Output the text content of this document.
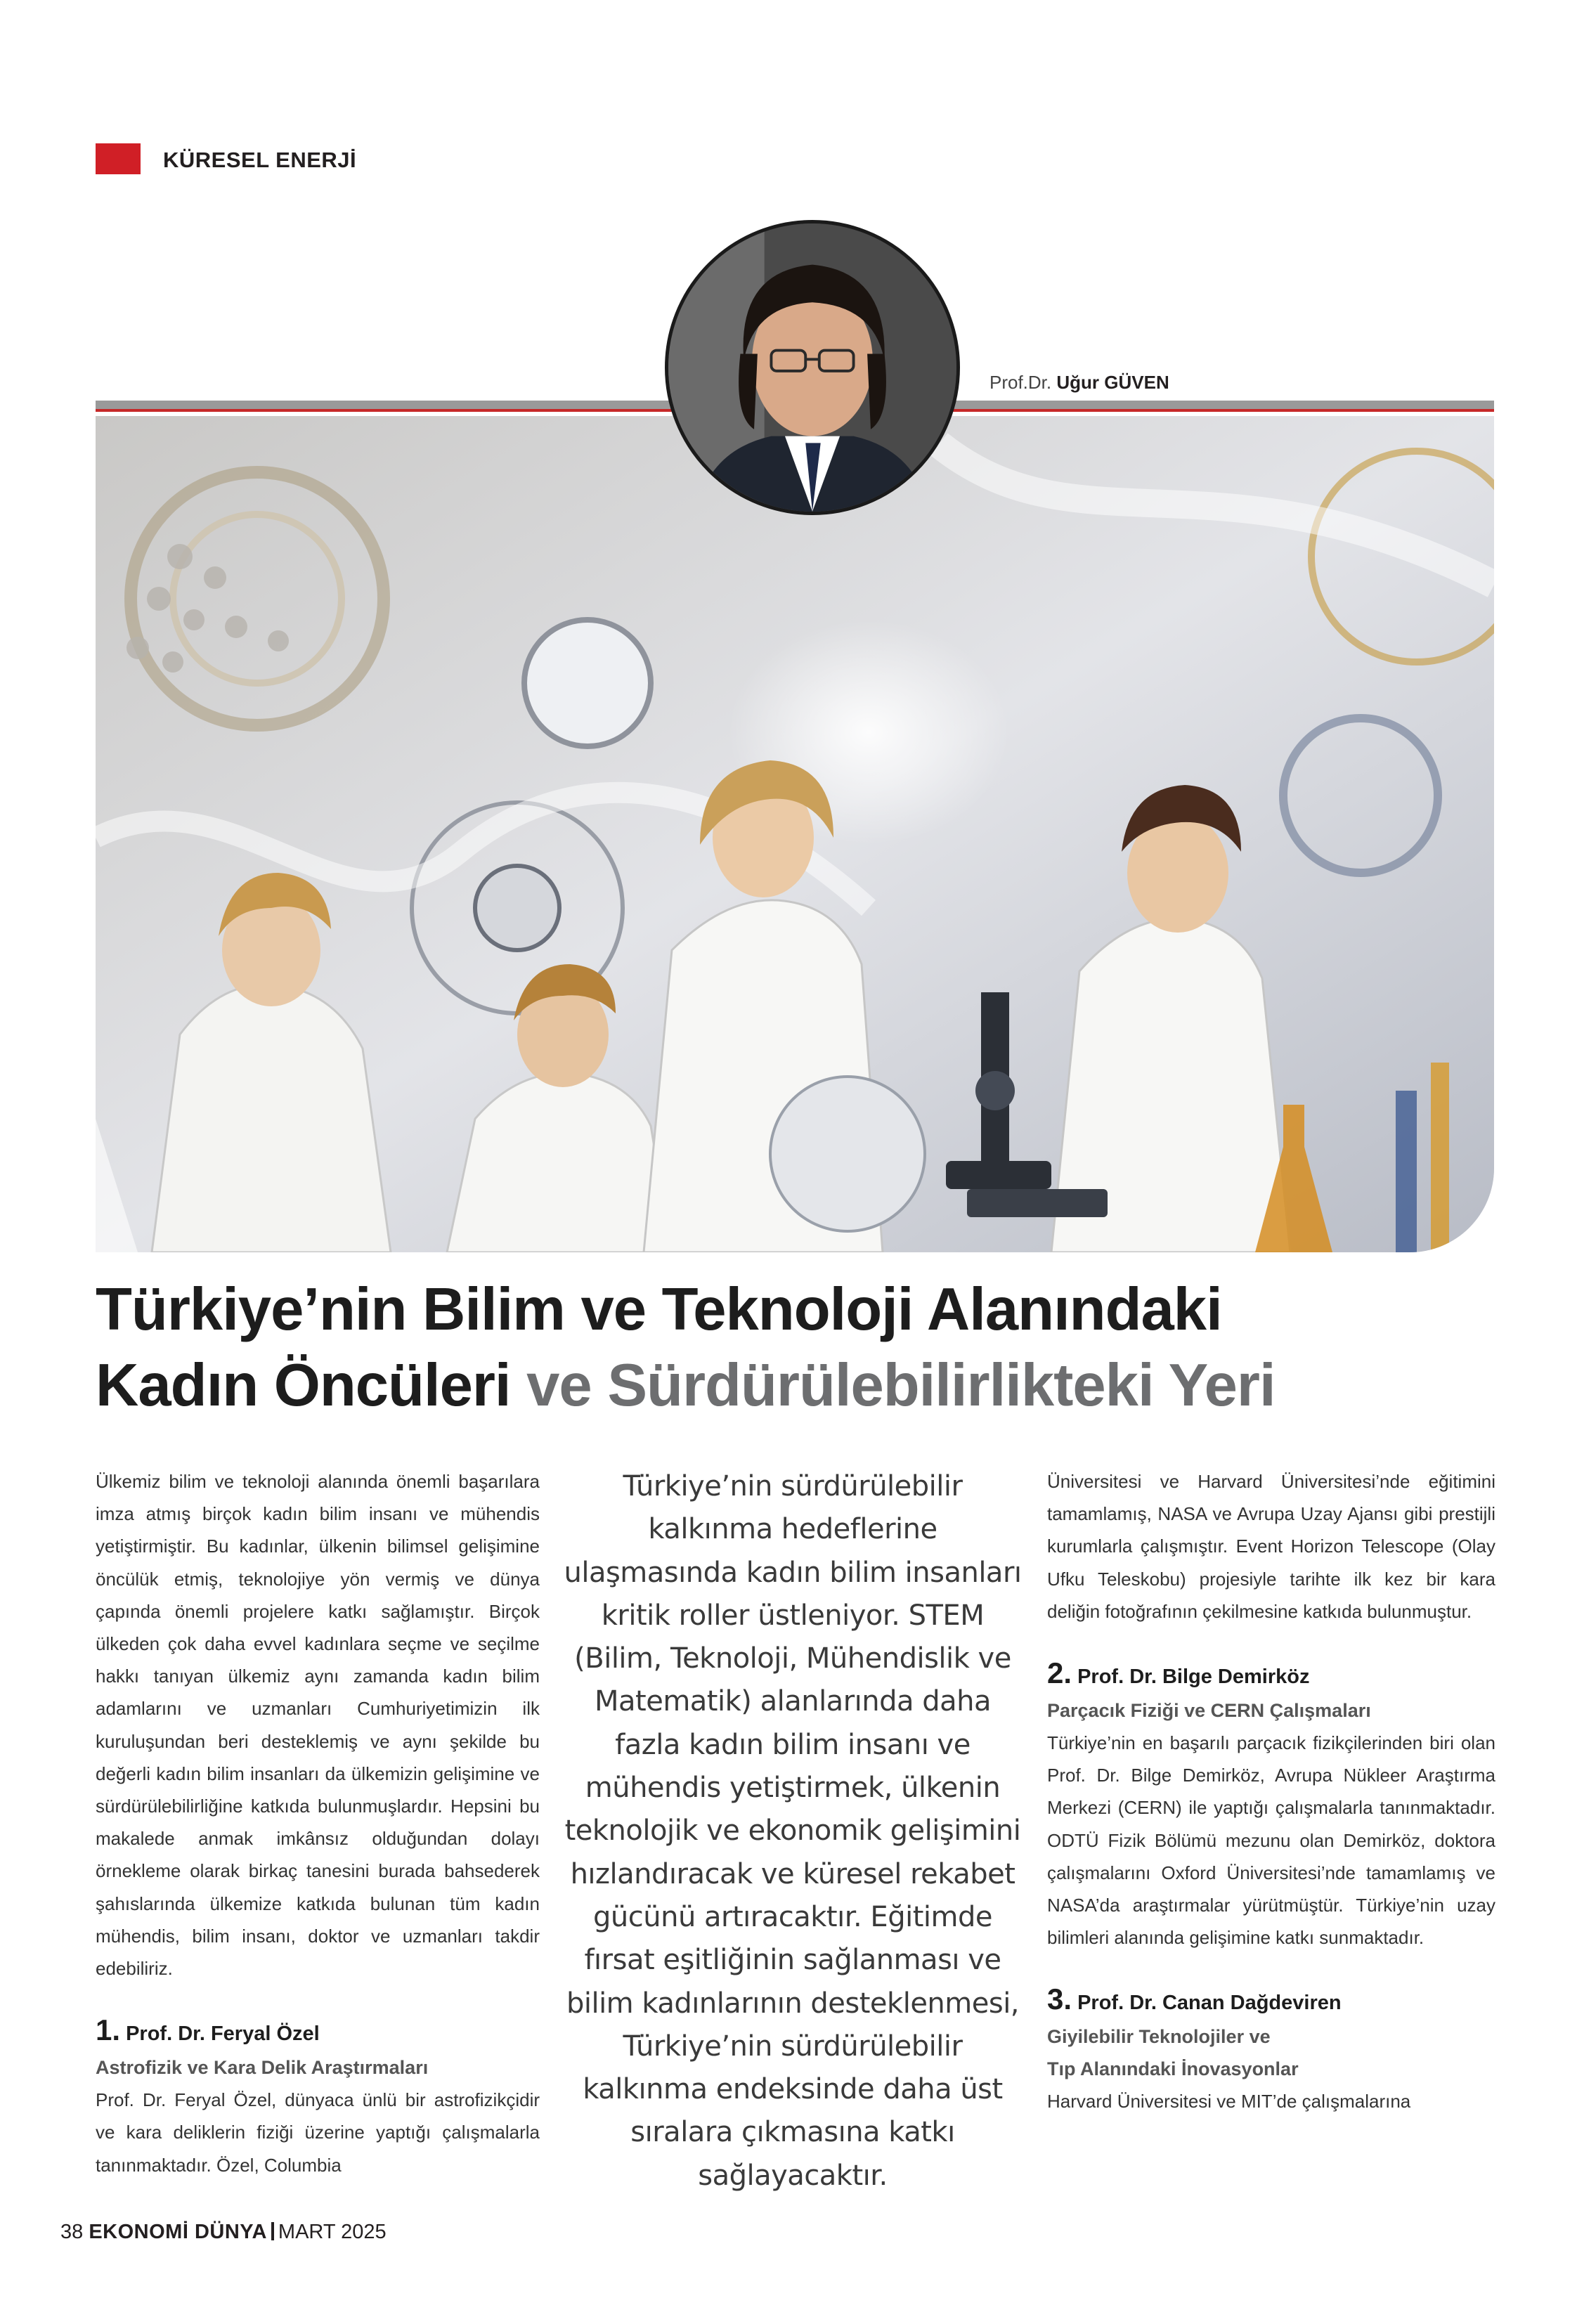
KÜRESEL ENERJİ
Prof.Dr. Uğur GÜVEN
Türkiye’nin Bilim ve Teknoloji Alanındaki
Kadın Öncüleri ve Sürdürülebilirlikteki Yeri

Ülkemiz bilim ve teknoloji alanında önemli başarılara imza atmış birçok kadın bilim insanı ve mühendis yetiştirmiştir. Bu kadınlar, ülkenin bilimsel gelişimine öncülük etmiş, teknolojiye yön vermiş ve dünya çapında önemli projelere katkı sağlamıştır. Birçok ülkeden çok daha evvel kadınlara seçme ve seçilme hakkı tanıyan ülkemiz aynı zamanda kadın bilim adamlarını ve uzmanları Cumhuriyetimizin ilk kuruluşundan beri desteklemiş ve aynı şekilde bu değerli kadın bilim insanları da ülkemizin gelişimine ve sürdürülebilirliğine katkıda bulunmuşlardır. Hepsini bu makalede anmak imkânsız olduğundan dolayı örnekleme olarak birkaç tanesini burada bahsederek şahıslarında ülkemize katkıda bulunan tüm kadın mühendis, bilim insanı, doktor ve uzmanları takdir edebiliriz.

1. Prof. Dr. Feryal Özel
Astrofizik ve Kara Delik Araştırmaları

Prof. Dr. Feryal Özel, dünyaca ünlü bir astrofizikçidir ve kara deliklerin fiziği üzerine yaptığı çalışmalarla tanınmaktadır. Özel, Columbia

Türkiye’nin sürdürülebilir kalkınma hedeflerine ulaşmasında kadın bilim insanları kritik roller üstleniyor. STEM (Bilim, Teknoloji, Mühendislik ve Matematik) alanlarında daha fazla kadın bilim insanı ve mühendis yetiştirmek, ülkenin teknolojik ve ekonomik gelişimini hızlandıracak ve küresel rekabet gücünü artıracaktır. Eğitimde fırsat eşitliğinin sağlanması ve bilim kadınlarının desteklenmesi, Türkiye’nin sürdürülebilir kalkınma endeksinde daha üst sıralara çıkmasına katkı sağlayacaktır.

Üniversitesi ve Harvard Üniversitesi’nde eğitimini tamamlamış, NASA ve Avrupa Uzay Ajansı gibi prestijli kurumlarla çalışmıştır. Event Horizon Telescope (Olay Ufku Teleskobu) projesiyle tarihte ilk kez bir kara deliğin fotoğrafının çekilmesine katkıda bulunmuştur.

2. Prof. Dr. Bilge Demirköz
Parçacık Fiziği ve CERN Çalışmaları

Türkiye’nin en başarılı parçacık fizikçilerinden biri olan Prof. Dr. Bilge Demirköz, Avrupa Nükleer Araştırma Merkezi (CERN) ile yaptığı çalışmalarla tanınmaktadır. ODTÜ Fizik Bölümü mezunu olan Demirköz, doktora çalışmalarını Oxford Üniversitesi’nde tamamlamış ve NASA’da araştırmalar yürütmüştür. Türkiye’nin uzay bilimleri alanında gelişimine katkı sunmaktadır.

3. Prof. Dr. Canan Dağdeviren
Giyilebilir Teknolojiler ve
Tıp Alanındaki İnovasyonlar

Harvard Üniversitesi ve MIT’de çalışmalarına

38 EKONOMİ DÜNYA MART 2025
